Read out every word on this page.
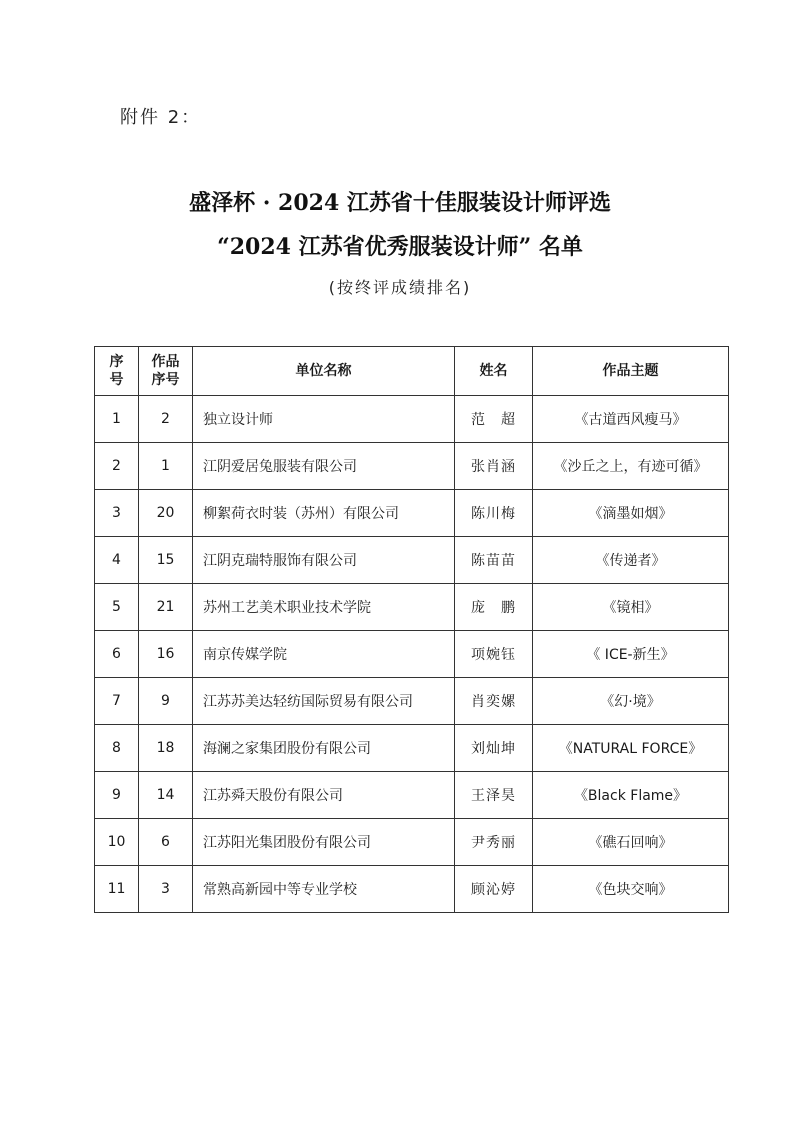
附件 2：
盛泽杯 · 2024 江苏省十佳服装设计师评选
“2024 江苏省优秀服装设计师” 名单
(按终评成绩排名)
序号	作品序号	单位名称	姓名	作品主题
1	2	独立设计师	范　超	《古道西风瘦马》
2	1	江阴爱居兔服装有限公司	张肖涵	《沙丘之上，有迹可循》
3	20	柳絮荷衣时装（苏州）有限公司	陈川梅	《滴墨如烟》
4	15	江阴克瑞特服饰有限公司	陈苗苗	《传递者》
5	21	苏州工艺美术职业技术学院	庞　鹏	《镜相》
6	16	南京传媒学院	项婉钰	《 ICE-新生》
7	9	江苏苏美达轻纺国际贸易有限公司	肖奕嫘	《幻·境》
8	18	海澜之家集团股份有限公司	刘灿坤	《NATURAL FORCE》
9	14	江苏舜天股份有限公司	王泽昊	《Black Flame》
10	6	江苏阳光集团股份有限公司	尹秀丽	《礁石回响》
11	3	常熟高新园中等专业学校	顾沁婷	《色块交响》
